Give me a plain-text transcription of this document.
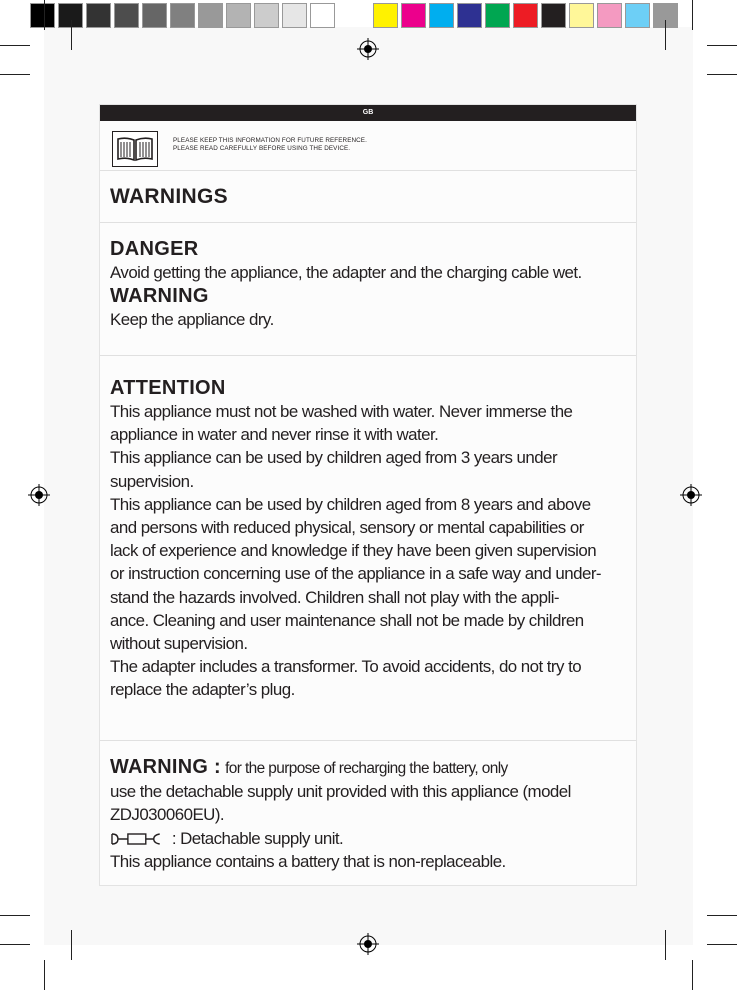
GB
PLEASE KEEP THIS INFORMATION FOR FUTURE REFERENCE.
PLEASE READ CAREFULLY BEFORE USING THE DEVICE.
WARNINGS
DANGER
Avoid getting the appliance, the adapter and the charging cable wet.
WARNING
Keep the appliance dry.
ATTENTION
This appliance must not be washed with water. Never immerse the
appliance in water and never rinse it with water.
This appliance can be used by children aged from 3 years under
supervision.
This appliance can be used by children aged from 8 years and above
and persons with reduced physical, sensory or mental capabilities or
lack of experience and knowledge if they have been given supervision
or instruction concerning use of the appliance in a safe way and under-
stand the hazards involved. Children shall not play with the appli-
ance. Cleaning and user maintenance shall not be made by children
without supervision.
The adapter includes a transformer. To avoid accidents, do not try to
replace the adapter’s plug.
WARNING : for the purpose of recharging the battery, only
use the detachable supply unit provided with this appliance (model
ZDJ030060EU).
: Detachable supply unit.
This appliance contains a battery that is non-replaceable.
